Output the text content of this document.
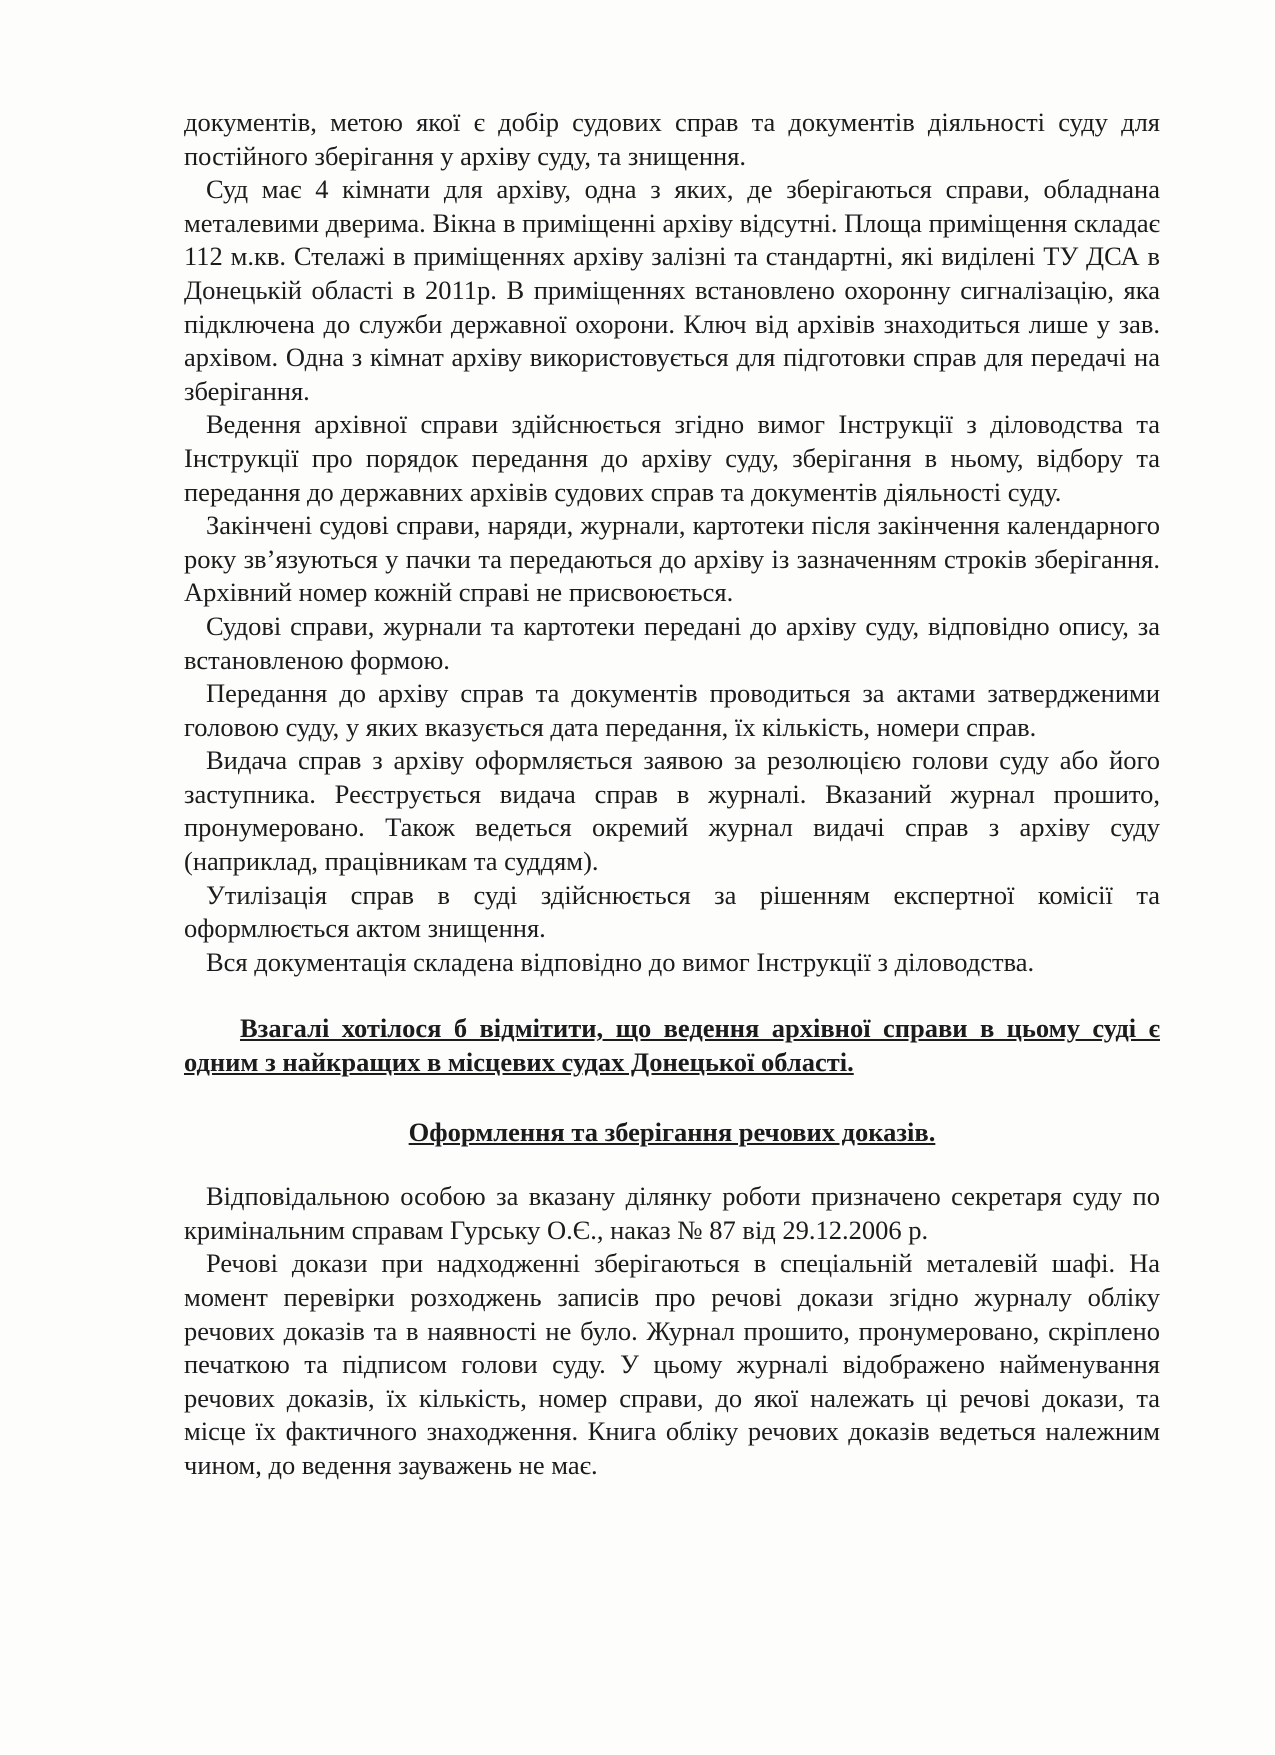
документів, метою якої є добір судових справ та документів діяльності суду для постійного зберігання у архіву суду, та знищення.

Суд має 4 кімнати для архіву, одна з яких, де зберігаються справи, обладнана металевими дверима. Вікна в приміщенні архіву відсутні. Площа приміщення складає 112 м.кв. Стелажі в приміщеннях архіву залізні та стандартні, які виділені ТУ ДСА в Донецькій області в 2011р. В приміщеннях встановлено охоронну сигналізацію, яка підключена до служби державної охорони. Ключ від архівів знаходиться лише у зав. архівом. Одна з кімнат архіву використовується для підготовки справ для передачі на зберігання.

Ведення архівної справи здійснюється згідно вимог Інструкції з діловодства та Інструкції про порядок передання до архіву суду, зберігання в ньому, відбору та передання до державних архівів судових справ та документів діяльності суду.

Закінчені судові справи, наряди, журнали, картотеки після закінчення календарного року зв’язуються у пачки та передаються до архіву із зазначенням строків зберігання. Архівний номер кожній справі не присвоюється.

Судові справи, журнали та картотеки передані до архіву суду, відповідно опису, за встановленою формою.

Передання до архіву справ та документів проводиться за актами затвердженими головою суду, у яких вказується дата передання, їх кількість, номери справ.

Видача справ з архіву оформляється заявою за резолюцією голови суду або його заступника. Реєструється видача справ в журналі. Вказаний журнал прошито, пронумеровано. Також ведеться окремий журнал видачі справ з архіву суду (наприклад, працівникам та суддям).

Утилізація справ в суді здійснюється за рішенням експертної комісії та оформлюється актом знищення.

Вся документація складена відповідно до вимог Інструкції з діловодства.

Взагалі хотілося б відмітити, що ведення архівної справи в цьому суді є одним з найкращих в місцевих судах Донецької області.

Оформлення та зберігання речових доказів.

Відповідальною особою за вказану ділянку роботи призначено секретаря суду по кримінальним справам Гурську О.Є., наказ № 87 від 29.12.2006 р.

Речові докази при надходженні зберігаються в спеціальній металевій шафі. На момент перевірки розходжень записів про речові докази згідно журналу обліку речових доказів та в наявності не було. Журнал прошито, пронумеровано, скріплено печаткою та підписом голови суду. У цьому журналі відображено найменування речових доказів, їх кількість, номер справи, до якої належать ці речові докази, та місце їх фактичного знаходження. Книга обліку речових доказів ведеться належним чином, до ведення зауважень не має.
